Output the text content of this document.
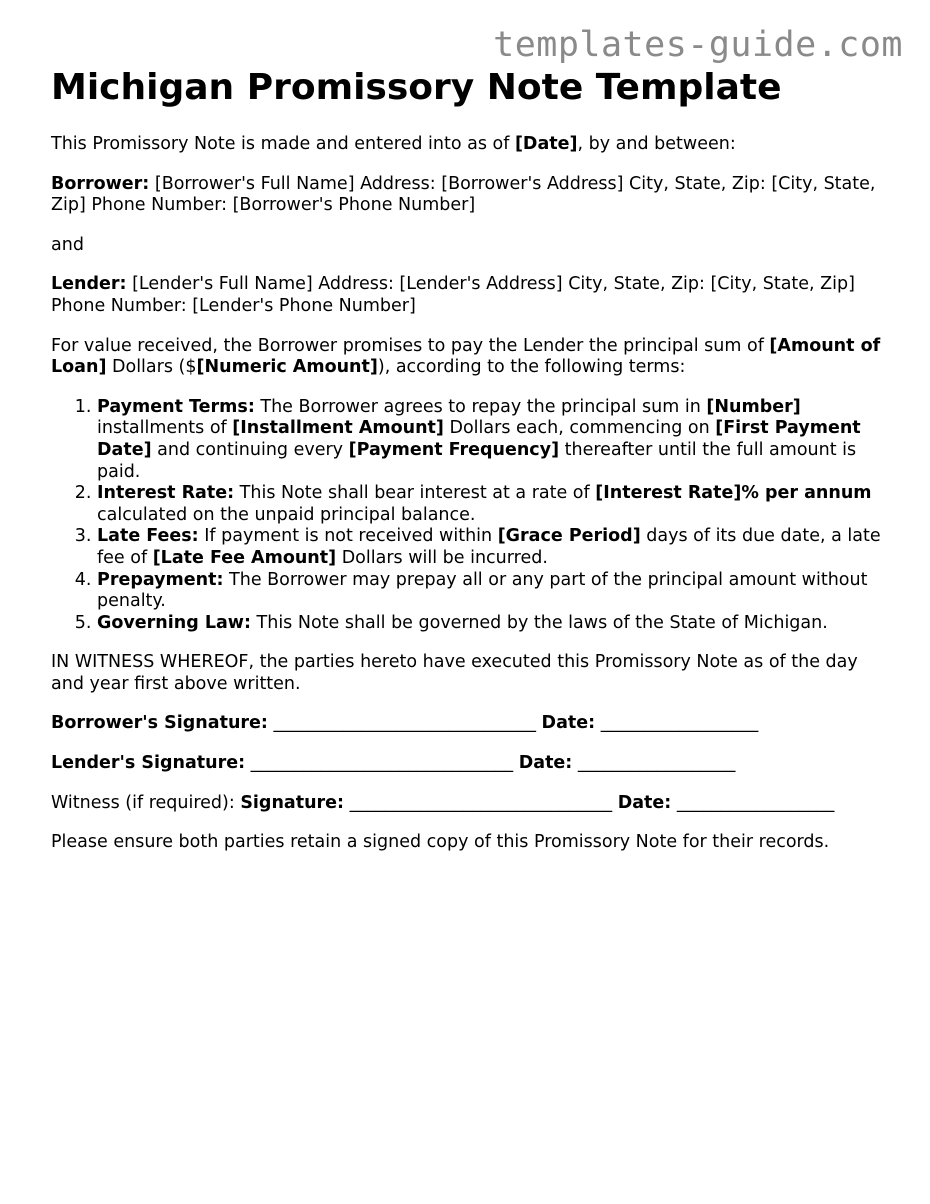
templates-guide.com
Michigan Promissory Note Template

This Promissory Note is made and entered into as of [Date], by and between:

Borrower: [Borrower's Full Name] Address: [Borrower's Address] City, State, Zip: [City, State, Zip] Phone Number: [Borrower's Phone Number]

and

Lender: [Lender's Full Name] Address: [Lender's Address] City, State, Zip: [City, State, Zip] Phone Number: [Lender's Phone Number]

For value received, the Borrower promises to pay the Lender the principal sum of [Amount of Loan] Dollars ($[Numeric Amount]), according to the following terms:

1. Payment Terms: The Borrower agrees to repay the principal sum in [Number] installments of [Installment Amount] Dollars each, commencing on [First Payment Date] and continuing every [Payment Frequency] thereafter until the full amount is paid.
2. Interest Rate: This Note shall bear interest at a rate of [Interest Rate]% per annum calculated on the unpaid principal balance.
3. Late Fees: If payment is not received within [Grace Period] days of its due date, a late fee of [Late Fee Amount] Dollars will be incurred.
4. Prepayment: The Borrower may prepay all or any part of the principal amount without penalty.
5. Governing Law: This Note shall be governed by the laws of the State of Michigan.

IN WITNESS WHEREOF, the parties hereto have executed this Promissory Note as of the day and year first above written.

Borrower's Signature: ______________________________ Date: __________________

Lender's Signature: ______________________________ Date: __________________

Witness (if required): Signature: ______________________________ Date: __________________

Please ensure both parties retain a signed copy of this Promissory Note for their records.
